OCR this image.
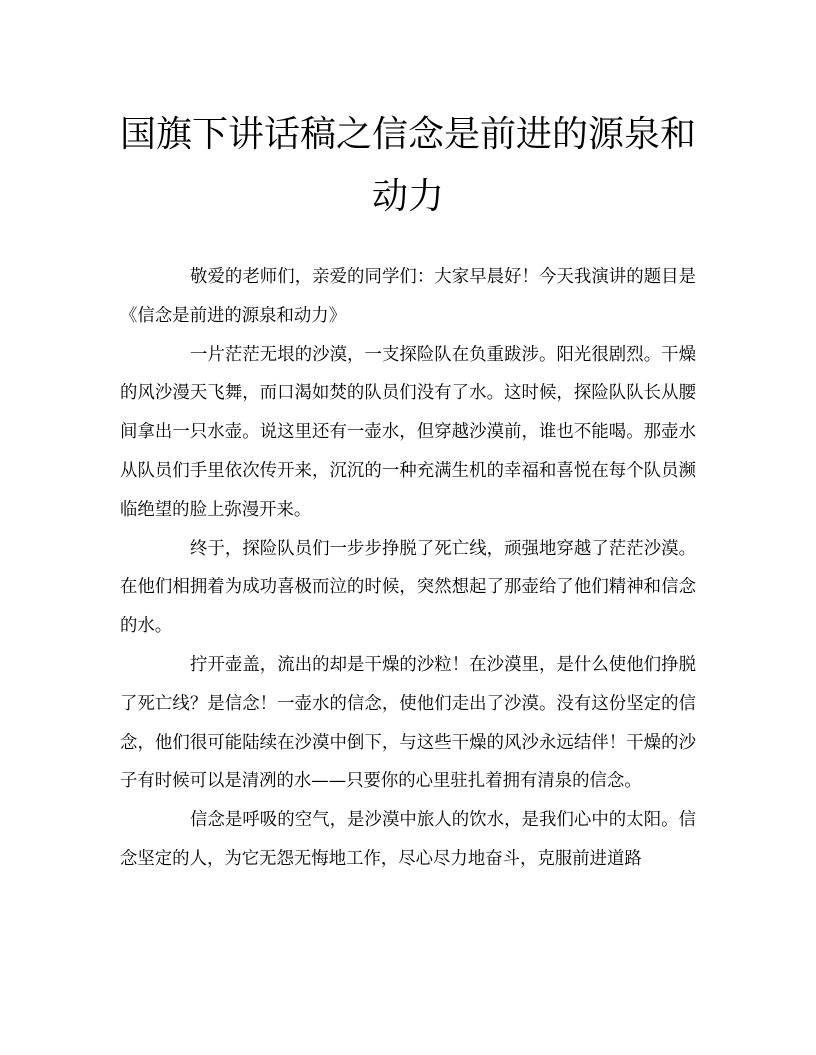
国旗下讲话稿之信念是前进的源泉和动力

敬爱的老师们，亲爱的同学们：大家早晨好！今天我演讲的题目是《信念是前进的源泉和动力》

一片茫茫无垠的沙漠，一支探险队在负重跋涉。阳光很剧烈。干燥的风沙漫天飞舞，而口渴如焚的队员们没有了水。这时候，探险队队长从腰间拿出一只水壶。说这里还有一壶水，但穿越沙漠前，谁也不能喝。那壶水从队员们手里依次传开来，沉沉的一种充满生机的幸福和喜悦在每个队员濒临绝望的脸上弥漫开来。

终于，探险队员们一步步挣脱了死亡线，顽强地穿越了茫茫沙漠。在他们相拥着为成功喜极而泣的时候，突然想起了那壶给了他们精神和信念的水。

拧开壶盖，流出的却是干燥的沙粒！在沙漠里，是什么使他们挣脱了死亡线？是信念！一壶水的信念，使他们走出了沙漠。没有这份坚定的信念，他们很可能陆续在沙漠中倒下，与这些干燥的风沙永远结伴！干燥的沙子有时候可以是清冽的水——只要你的心里驻扎着拥有清泉的信念。

信念是呼吸的空气，是沙漠中旅人的饮水，是我们心中的太阳。信念坚定的人，为它无怨无悔地工作，尽心尽力地奋斗，克服前进道路
